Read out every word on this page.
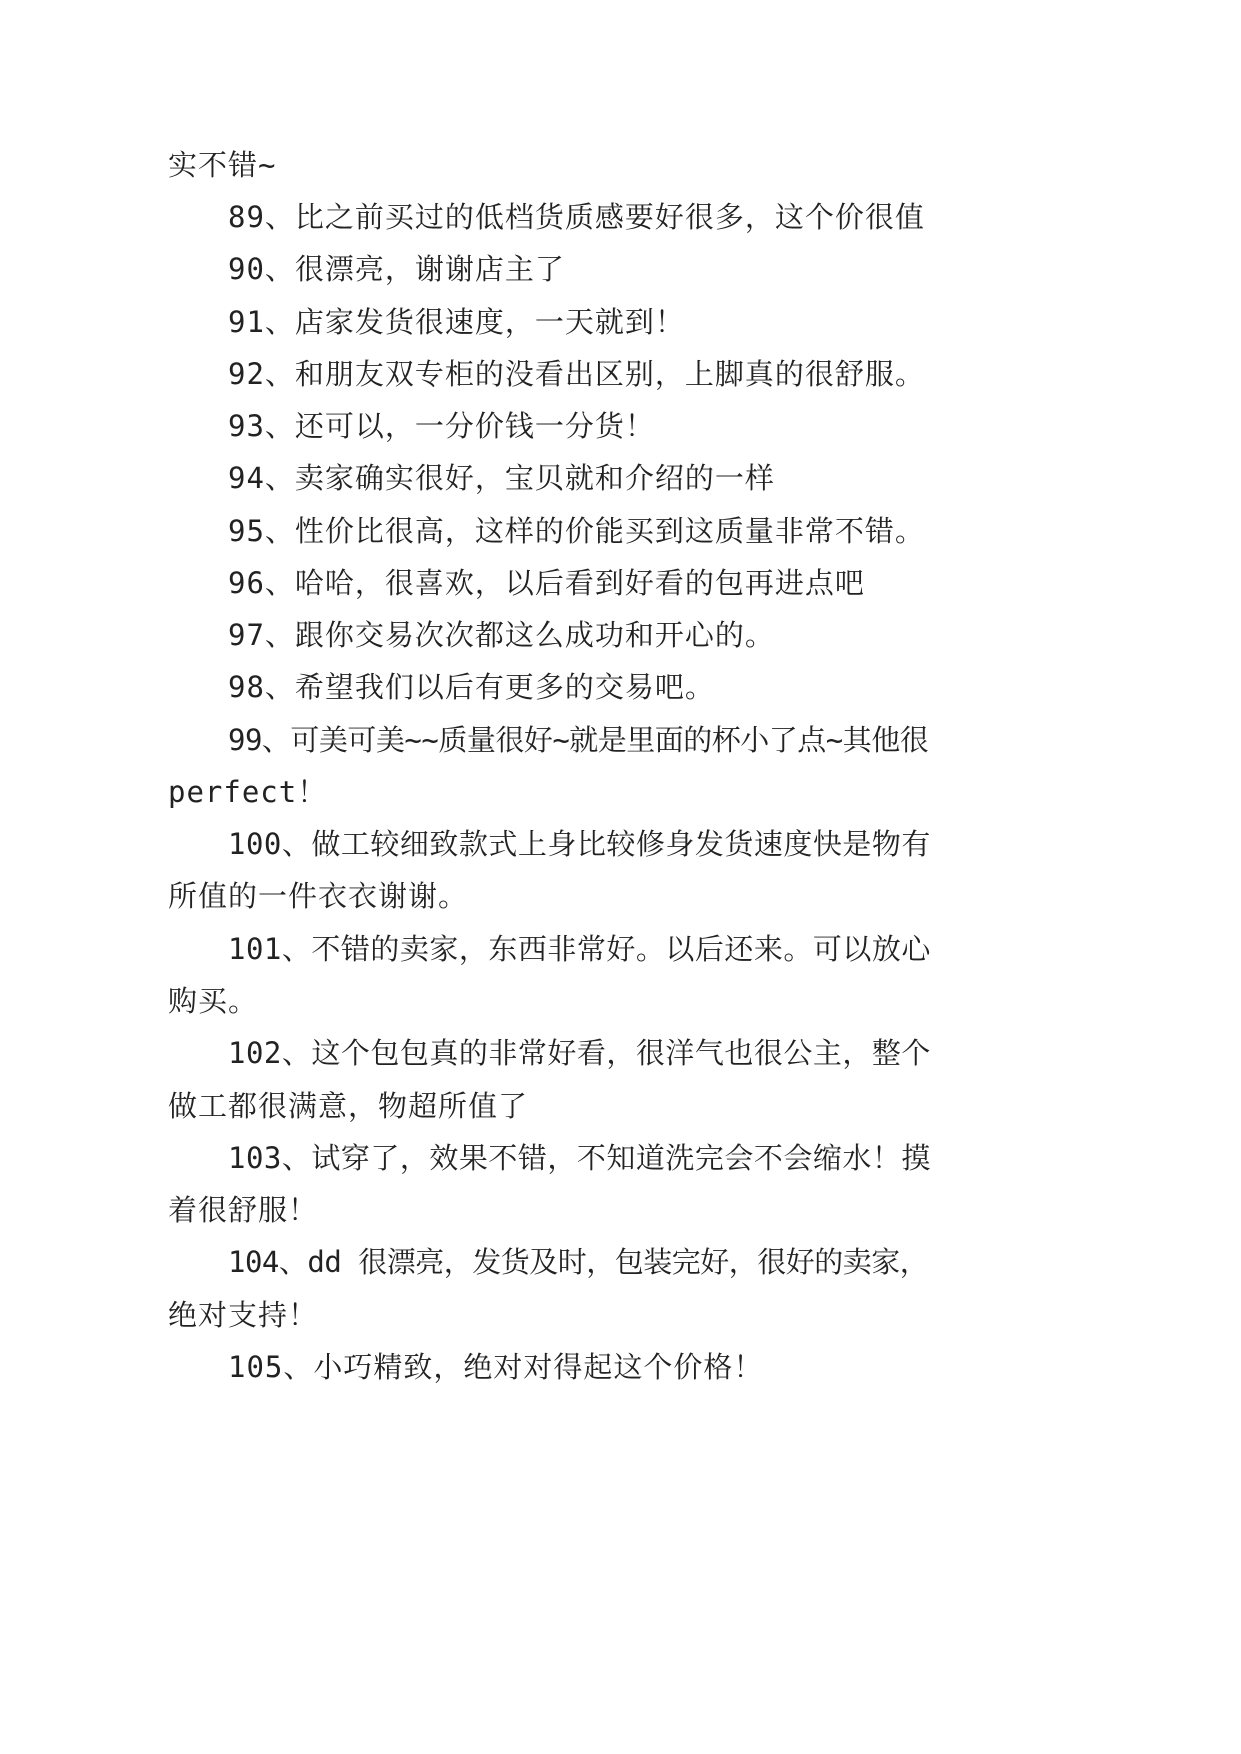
实不错~
89、比之前买过的低档货质感要好很多，这个价很值
90、很漂亮，谢谢店主了
91、店家发货很速度，一天就到！
92、和朋友双专柜的没看出区别，上脚真的很舒服。
93、还可以，一分价钱一分货！
94、卖家确实很好，宝贝就和介绍的一样
95、性价比很高，这样的价能买到这质量非常不错。
96、哈哈，很喜欢，以后看到好看的包再进点吧
97、跟你交易次次都这么成功和开心的。
98、希望我们以后有更多的交易吧。
99、可美可美~~质量很好~就是里面的杯小了点~其他很
perfect！
100、做工较细致款式上身比较修身发货速度快是物有
所值的一件衣衣谢谢。
101、不错的卖家，东西非常好。以后还来。可以放心
购买。
102、这个包包真的非常好看，很洋气也很公主，整个
做工都很满意，物超所值了
103、试穿了，效果不错，不知道洗完会不会缩水！摸
着很舒服！
104、dd 很漂亮，发货及时，包装完好，很好的卖家，
绝对支持！
105、小巧精致，绝对对得起这个价格！
